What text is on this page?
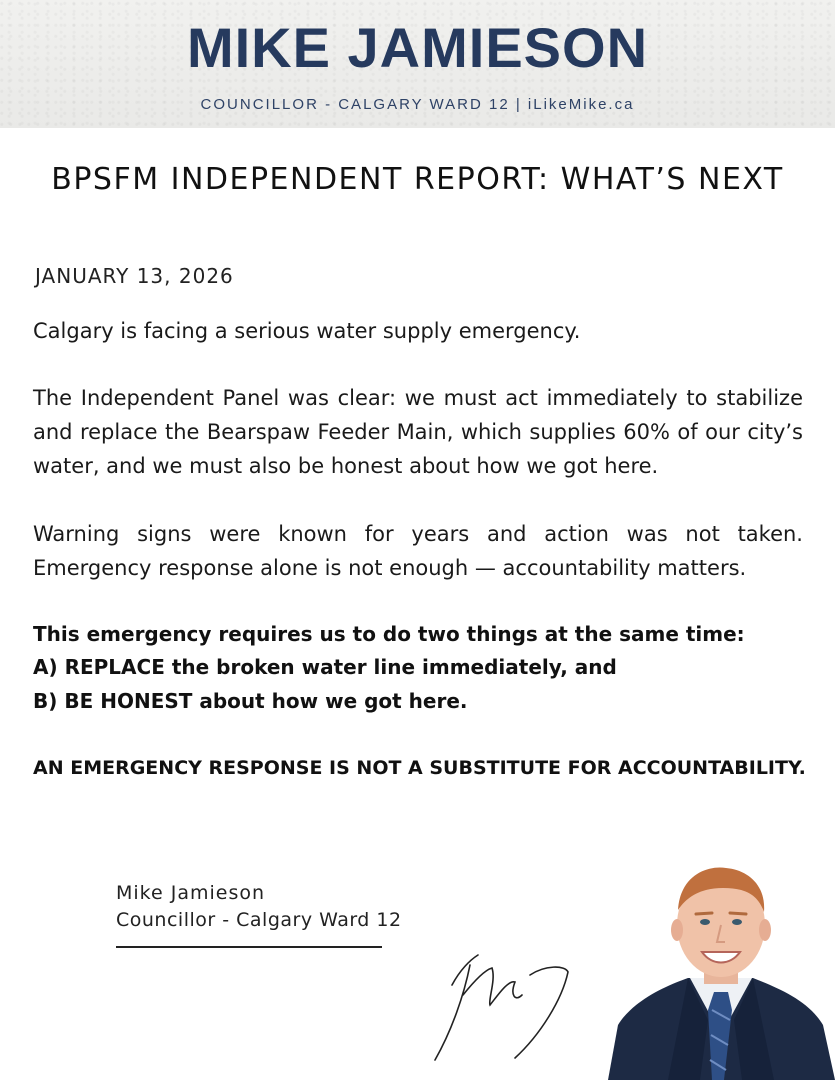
MIKE JAMIESON
COUNCILLOR - CALGARY WARD 12 | iLikeMike.ca
BPSFM INDEPENDENT REPORT: WHAT’S NEXT
JANUARY 13, 2026
Calgary is facing a serious water supply emergency.
The Independent Panel was clear: we must act immediately to stabilize and replace the Bearspaw Feeder Main, which supplies 60% of our city’s water, and we must also be honest about how we got here.
Warning signs were known for years and action was not taken. Emergency response alone is not enough — accountability matters.
This emergency requires us to do two things at the same time:
A) REPLACE the broken water line immediately, and
B) BE HONEST about how we got here.
AN EMERGENCY RESPONSE IS NOT A SUBSTITUTE FOR ACCOUNTABILITY.
Mike Jamieson
Councillor - Calgary Ward 12
